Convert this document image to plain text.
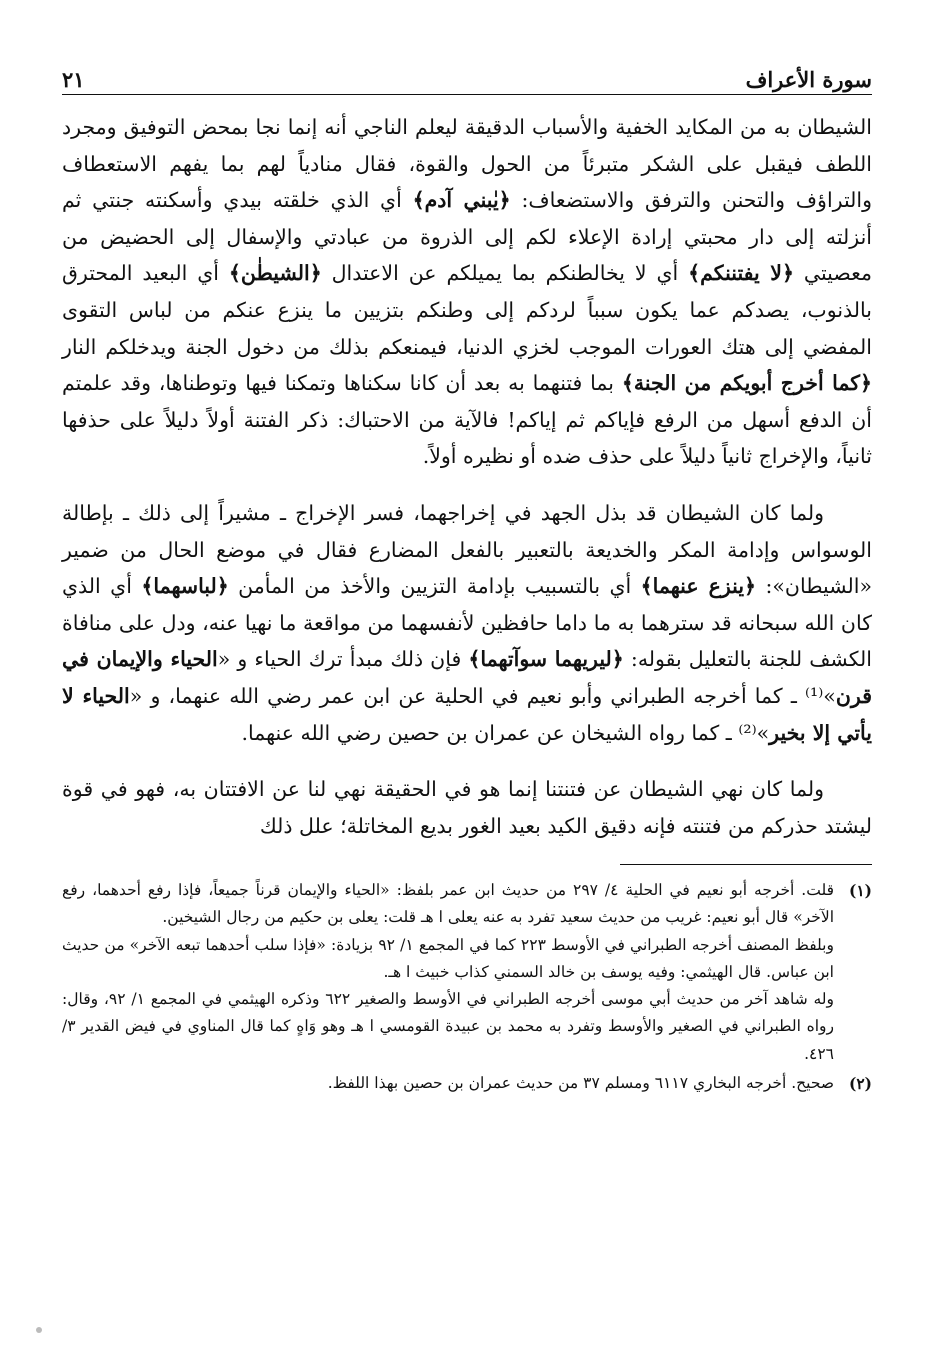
سورة الأعراف
٢١

الشيطان به من المكايد الخفية والأسباب الدقيقة ليعلم الناجي أنه إنما نجا بمحض التوفيق ومجرد اللطف فيقبل على الشكر متبرئاً من الحول والقوة، فقال منادياً لهم بما يفهم الاستعطاف والتراؤف والتحنن والترفق والاستضعاف: ﴿يٰبني آدم﴾ أي الذي خلقته بيدي وأسكنته جنتي ثم أنزلته إلى دار محبتي إرادة الإعلاء لكم إلى الذروة من عبادتي والإسفال إلى الحضيض من معصيتي ﴿لا يفتننكم﴾ أي لا يخالطنكم بما يميلكم عن الاعتدال ﴿الشيطٰن﴾ أي البعيد المحترق بالذنوب، يصدكم عما يكون سبباً لردكم إلى وطنكم بتزيين ما ينزع عنكم من لباس التقوى المفضي إلى هتك العورات الموجب لخزي الدنيا، فيمنعكم بذلك من دخول الجنة ويدخلكم النار ﴿كما أخرج أبويكم من الجنة﴾ بما فتنهما به بعد أن كانا سكناها وتمكنا فيها وتوطناها، وقد علمتم أن الدفع أسهل من الرفع فإياكم ثم إياكم! فالآية من الاحتباك: ذكر الفتنة أولاً دليلاً على حذفها ثانياً، والإخراج ثانياً دليلاً على حذف ضده أو نظيره أولاً.

ولما كان الشيطان قد بذل الجهد في إخراجهما، فسر الإخراج ـ مشيراً إلى ذلك ـ بإطالة الوسواس وإدامة المكر والخديعة بالتعبير بالفعل المضارع فقال في موضع الحال من ضمير «الشيطان»: ﴿ينزع عنهما﴾ أي بالتسبيب بإدامة التزيين والأخذ من المأمن ﴿لباسهما﴾ أي الذي كان الله سبحانه قد سترهما به ما داما حافظين لأنفسهما من مواقعة ما نهيا عنه، ودل على منافاة الكشف للجنة بالتعليل بقوله: ﴿ليريهما سوآتهما﴾ فإن ذلك مبدأ ترك الحياء و «الحياء والإيمان في قرن»⁽¹⁾ ـ كما أخرجه الطبراني وأبو نعيم في الحلية عن ابن عمر رضي الله عنهما، و «الحياء لا يأتي إلا بخير»⁽²⁾ ـ كما رواه الشيخان عن عمران بن حصين رضي الله عنهما.

ولما كان نهي الشيطان عن فتنتنا إنما هو في الحقيقة نهي لنا عن الافتتان به، فهو في قوة ليشتد حذركم من فتنته فإنه دقيق الكيد بعيد الغور بديع المخاتلة؛ علل ذلك

(١)

قلت. أخرجه أبو نعيم في الحلية ٤/ ٢٩٧ من حديث ابن عمر بلفظ: «الحياء والإيمان قرناً جميعاً، فإذا رفع أحدهما، رفع الآخر» قال أبو نعيم: غريب من حديث سعيد تفرد به عنه يعلى ا هـ قلت: يعلى بن حكيم من رجال الشيخين.

وبلفظ المصنف أخرجه الطبراني في الأوسط ٢٢٣ كما في المجمع ١/ ٩٢ بزيادة: «فإذا سلب أحدهما تبعه الآخر» من حديث ابن عباس. قال الهيثمي: وفيه يوسف بن خالد السمني كذاب خبيث ا هـ.

وله شاهد آخر من حديث أبي موسى أخرجه الطبراني في الأوسط والصغير ٦٢٢ وذكره الهيثمي في المجمع ١/ ٩٢، وقال: رواه الطبراني في الصغير والأوسط وتفرد به محمد بن عبيدة القومسي ا هـ وهو وَاهٍ كما قال المناوي في فيض القدير ٣/ ٤٢٦.

(٢)

صحيح. أخرجه البخاري ٦١١٧ ومسلم ٣٧ من حديث عمران بن حصين بهذا اللفظ.
